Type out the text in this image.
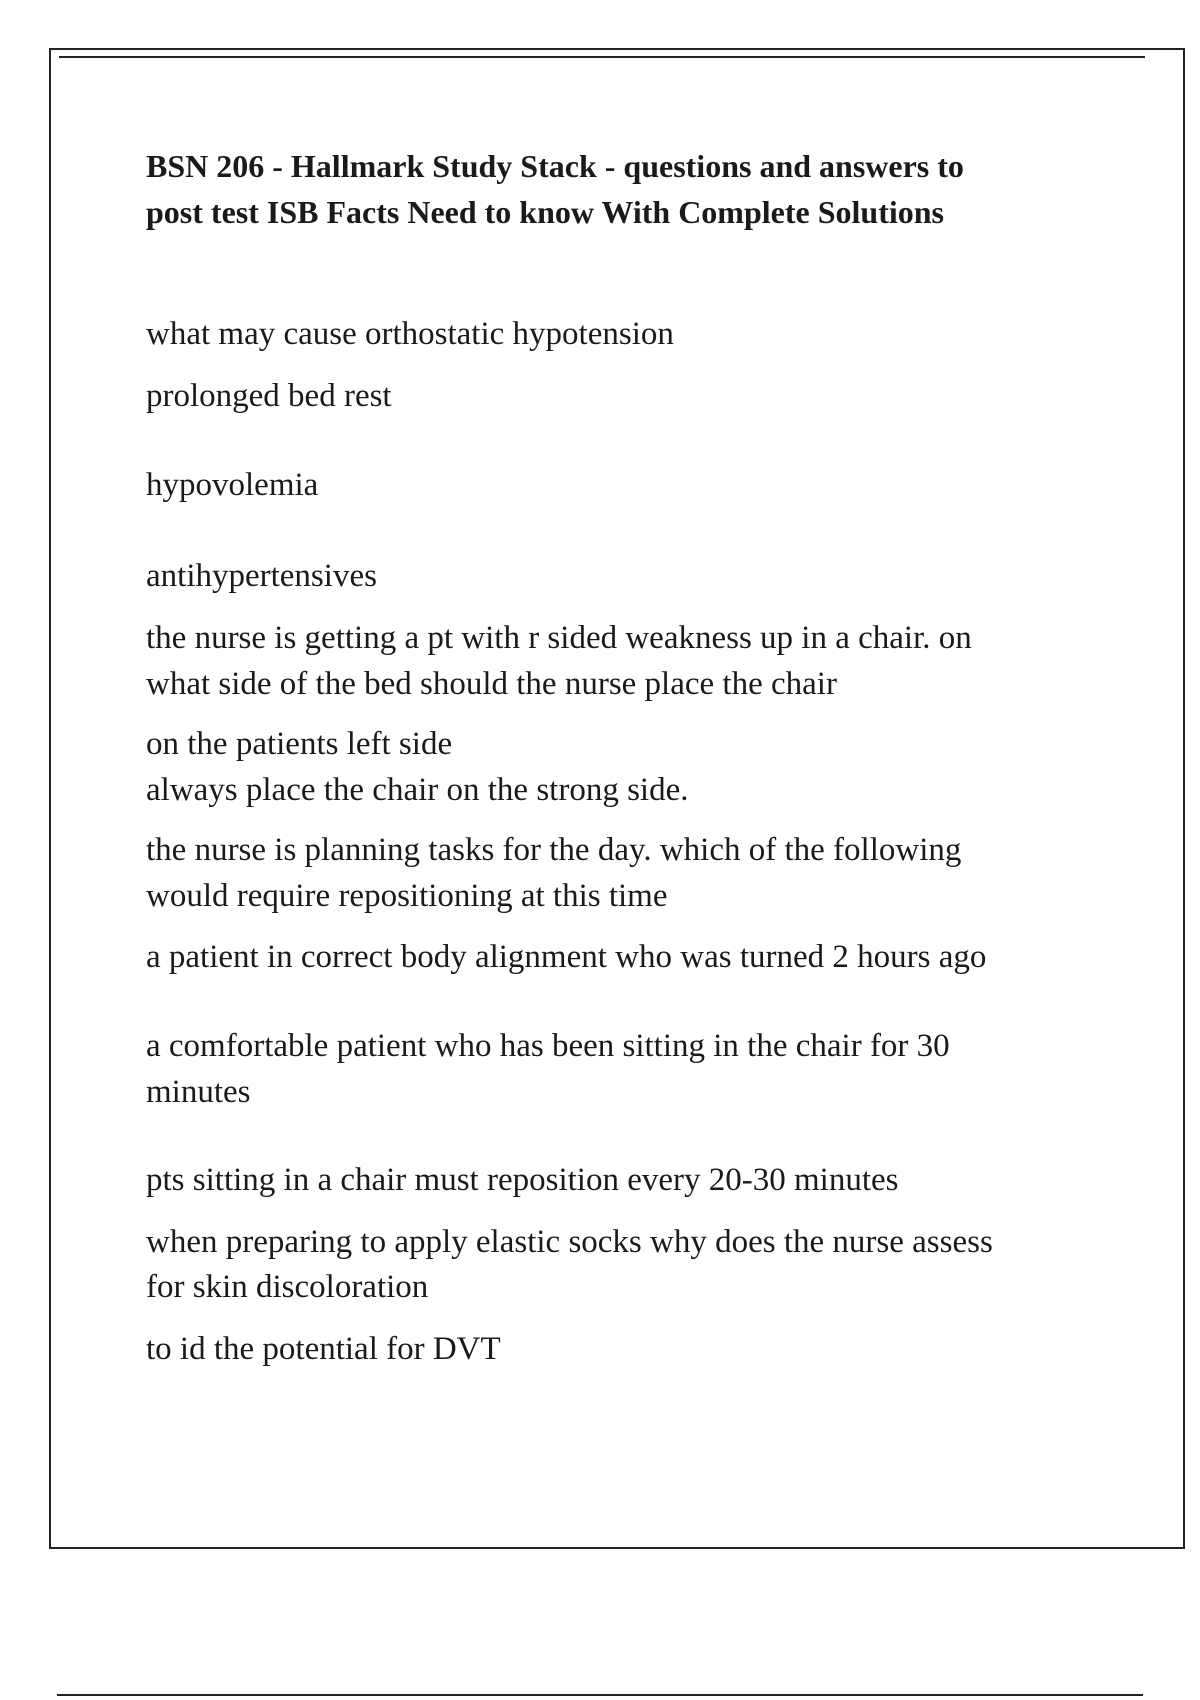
BSN 206 - Hallmark Study Stack - questions and answers to
post test ISB Facts Need to know With Complete Solutions

what may cause orthostatic hypotension

prolonged bed rest

hypovolemia

antihypertensives

the nurse is getting a pt with r sided weakness up in a chair. on

what side of the bed should the nurse place the chair

on the patients left side

always place the chair on the strong side.

the nurse is planning tasks for the day. which of the following

would require repositioning at this time

a patient in correct body alignment who was turned 2 hours ago

a comfortable patient who has been sitting in the chair for 30

minutes

pts sitting in a chair must reposition every 20-30 minutes

when preparing to apply elastic socks why does the nurse assess

for skin discoloration

to id the potential for DVT
